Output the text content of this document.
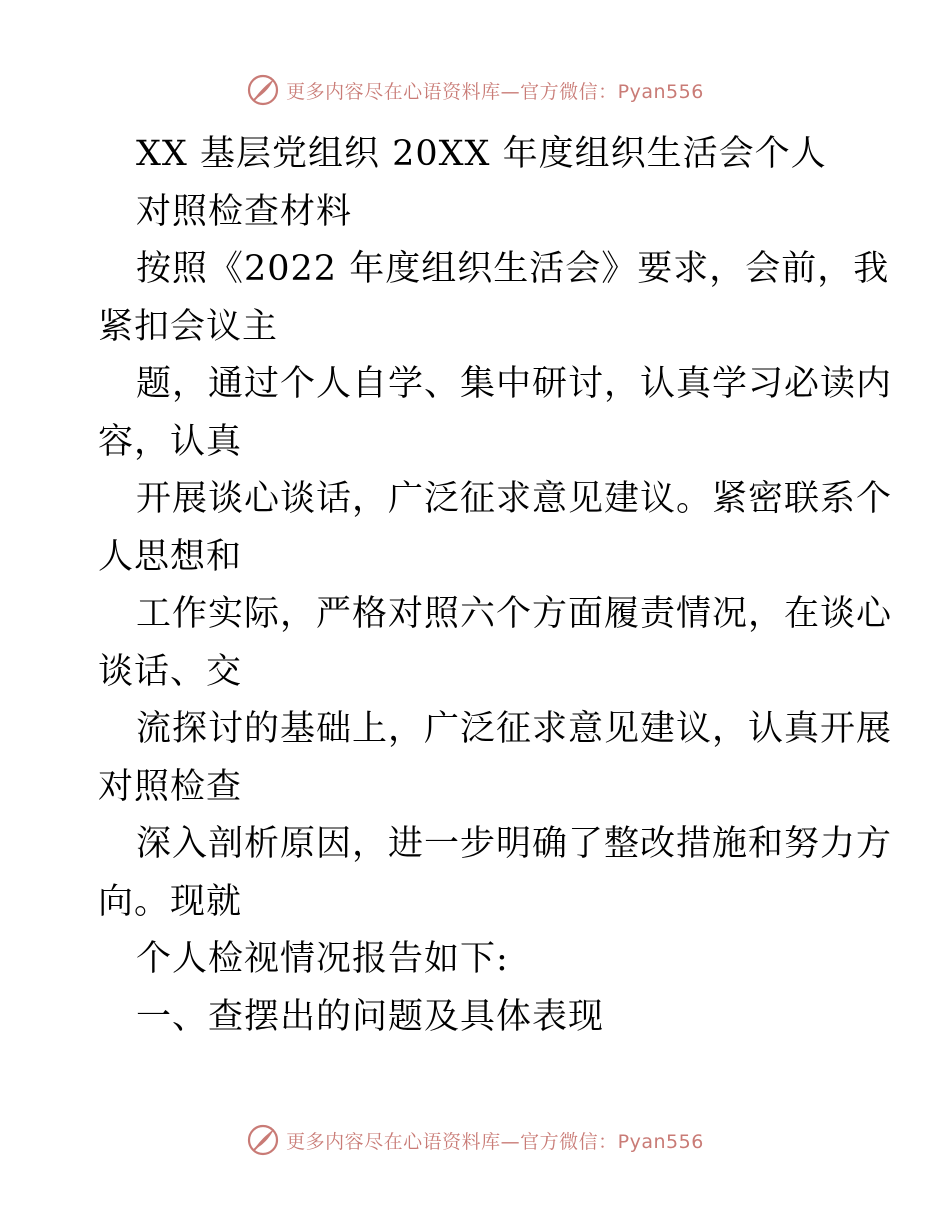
更多内容尽在心语资料库—官方微信：Pyan556
XX 基层党组织 20XX 年度组织生活会个人
对照检查材料
按照《2022 年度组织生活会》要求，会前，我
紧扣会议主
题，通过个人自学、集中研讨，认真学习必读内
容，认真
开展谈心谈话，广泛征求意见建议。紧密联系个
人思想和
工作实际，严格对照六个方面履责情况，在谈心
谈话、交
流探讨的基础上，广泛征求意见建议，认真开展
对照检查
深入剖析原因，进一步明确了整改措施和努力方
向。现就
个人检视情况报告如下:
一、查摆出的问题及具体表现
更多内容尽在心语资料库—官方微信：Pyan556
